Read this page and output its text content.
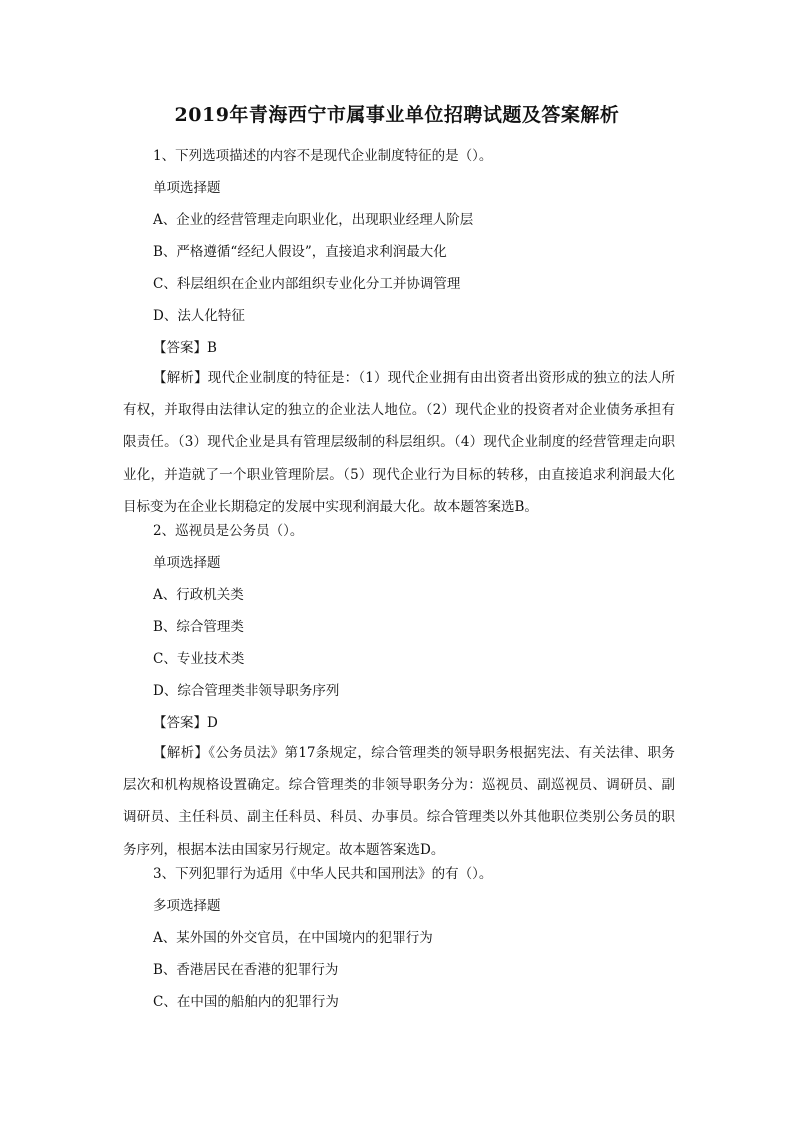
2019年青海西宁市属事业单位招聘试题及答案解析
1、下列选项描述的内容不是现代企业制度特征的是（）。
单项选择题
A、企业的经营管理走向职业化，出现职业经理人阶层
B、严格遵循“经纪人假设”，直接追求利润最大化
C、科层组织在企业内部组织专业化分工并协调管理
D、法人化特征
【答案】B
【解析】现代企业制度的特征是：（1）现代企业拥有由出资者出资形成的独立的法人所有权，并取得由法律认定的独立的企业法人地位。（2）现代企业的投资者对企业债务承担有限责任。（3）现代企业是具有管理层级制的科层组织。（4）现代企业制度的经营管理走向职业化，并造就了一个职业管理阶层。（5）现代企业行为目标的转移，由直接追求利润最大化目标变为在企业长期稳定的发展中实现利润最大化。故本题答案选B。
2、巡视员是公务员（）。
单项选择题
A、行政机关类
B、综合管理类
C、专业技术类
D、综合管理类非领导职务序列
【答案】D
【解析】《公务员法》第17条规定，综合管理类的领导职务根据宪法、有关法律、职务层次和机构规格设置确定。综合管理类的非领导职务分为：巡视员、副巡视员、调研员、副调研员、主任科员、副主任科员、科员、办事员。综合管理类以外其他职位类别公务员的职务序列，根据本法由国家另行规定。故本题答案选D。
3、下列犯罪行为适用《中华人民共和国刑法》的有（）。
多项选择题
A、某外国的外交官员，在中国境内的犯罪行为
B、香港居民在香港的犯罪行为
C、在中国的船舶内的犯罪行为
